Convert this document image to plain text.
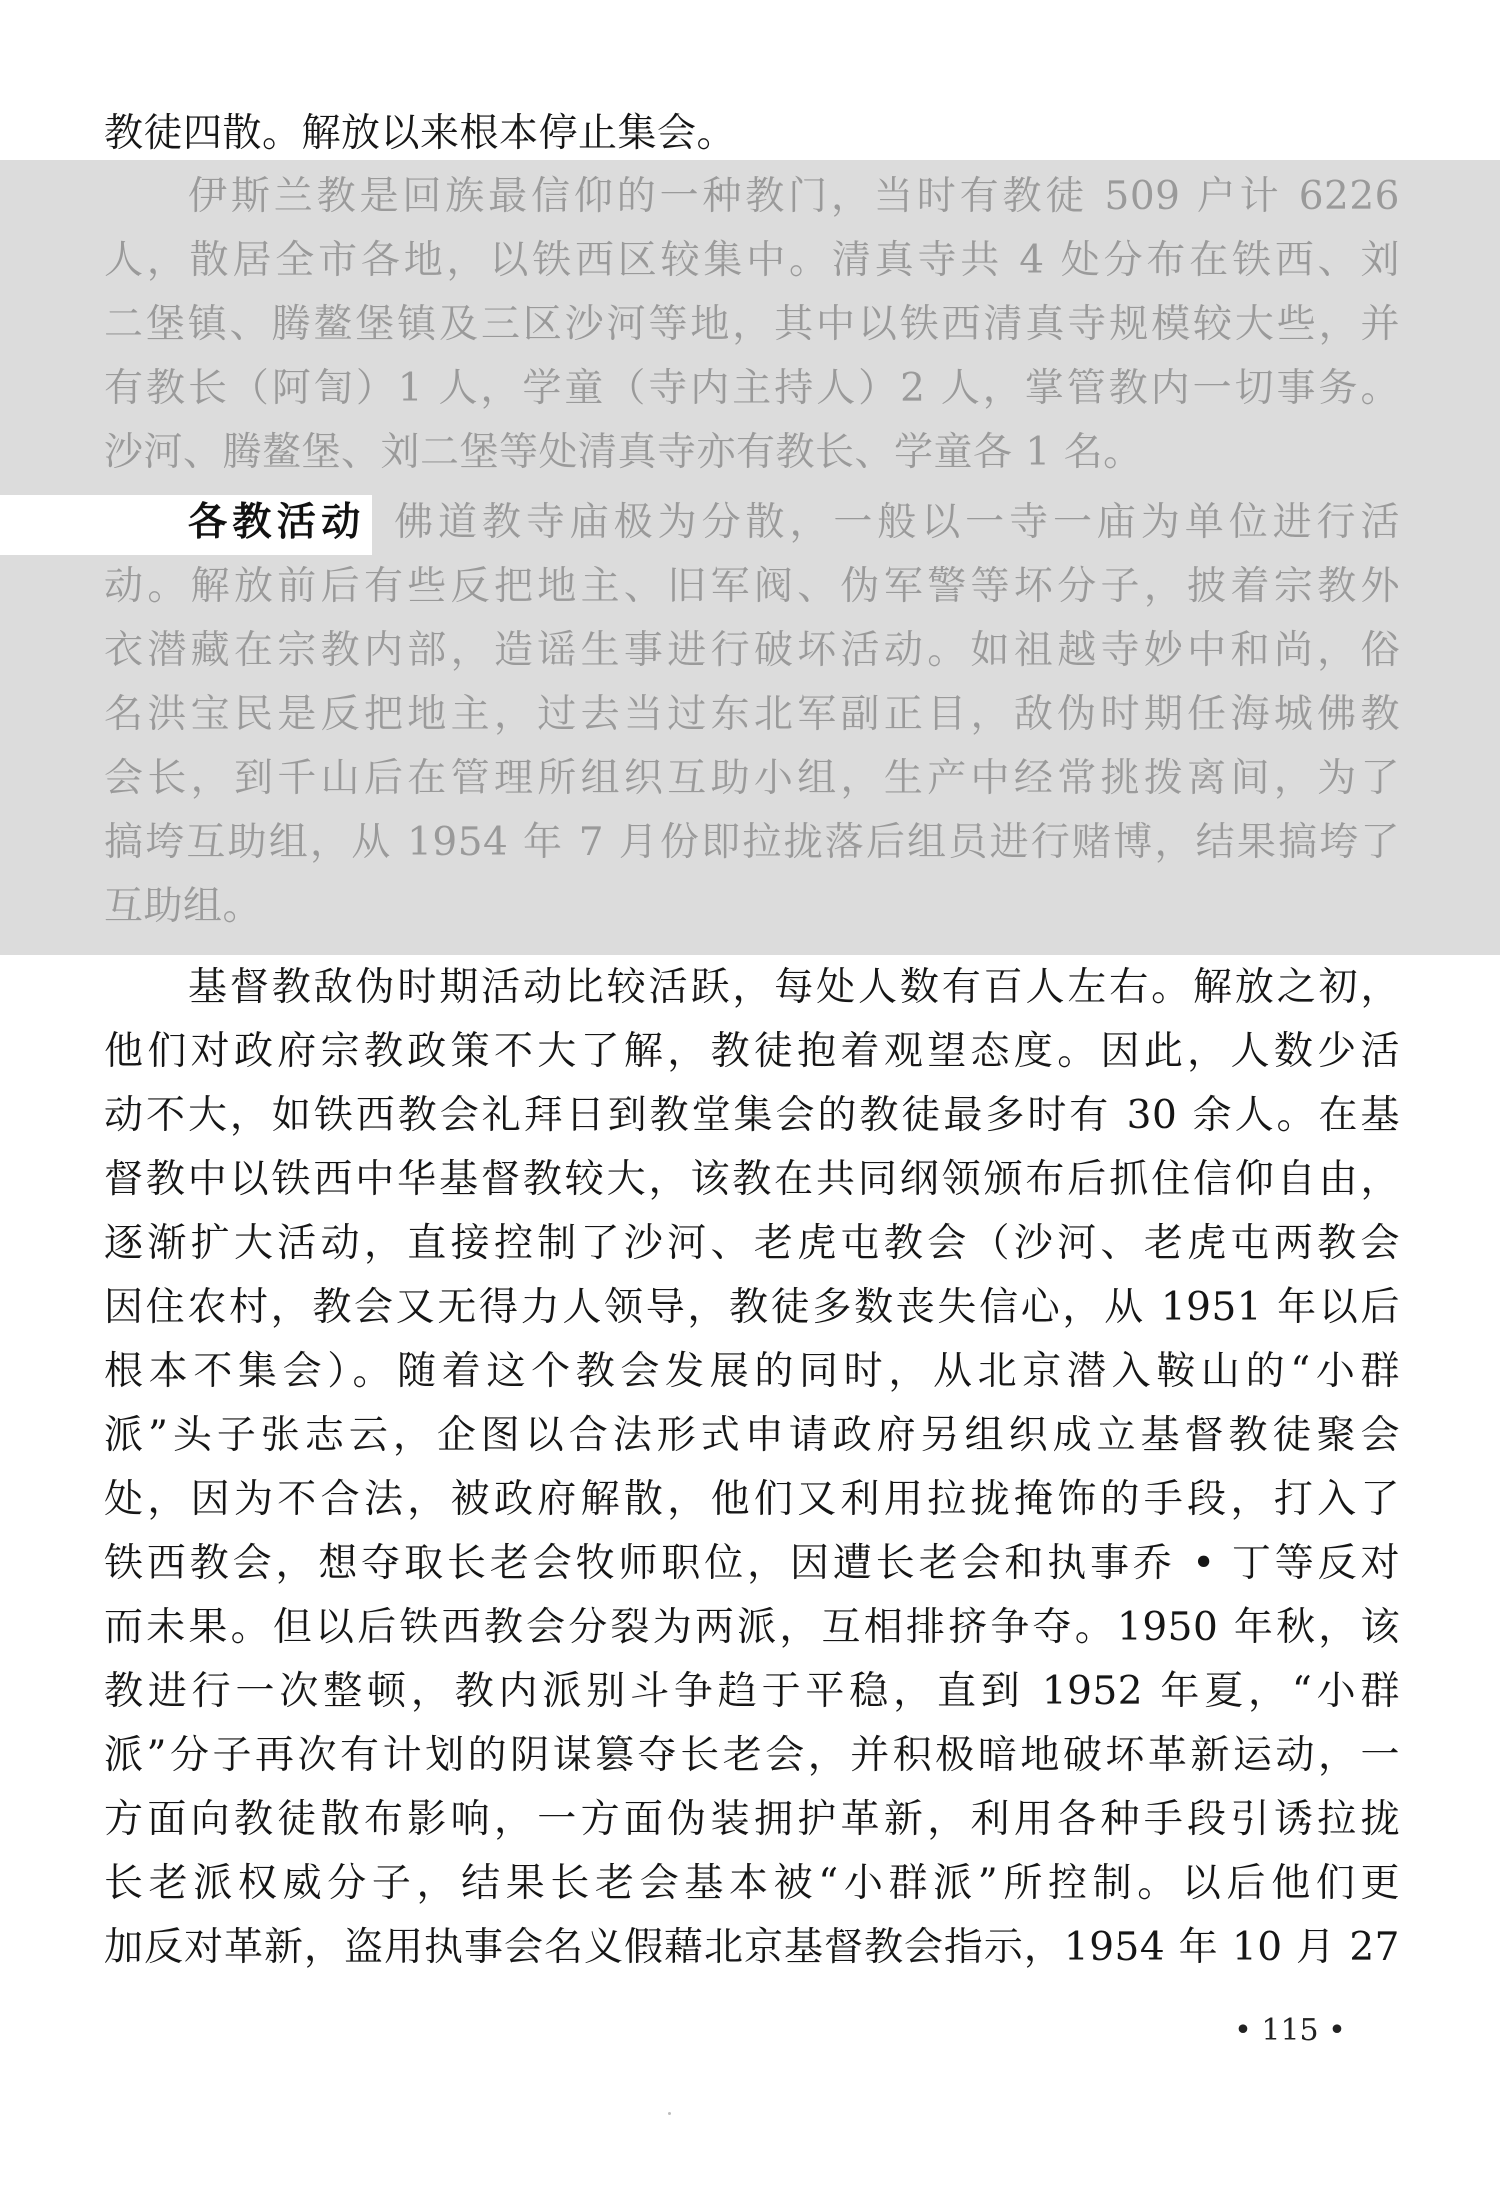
教徒四散。解放以来根本停止集会。
伊斯兰教是回族最信仰的一种教门，当时有教徒 509 户计 6226
人，散居全市各地，以铁西区较集中。清真寺共 4 处分布在铁西、刘
二堡镇、腾鳌堡镇及三区沙河等地，其中以铁西清真寺规模较大些，并
有教长（阿訇）1 人，学童（寺内主持人）2 人，掌管教内一切事务。
沙河、腾鳌堡、刘二堡等处清真寺亦有教长、学童各 1 名。
各教活动 佛道教寺庙极为分散，一般以一寺一庙为单位进行活
动。解放前后有些反把地主、旧军阀、伪军警等坏分子，披着宗教外
衣潜藏在宗教内部，造谣生事进行破坏活动。如祖越寺妙中和尚，俗
名洪宝民是反把地主，过去当过东北军副正目，敌伪时期任海城佛教
会长，到千山后在管理所组织互助小组，生产中经常挑拨离间，为了
搞垮互助组，从 1954 年 7 月份即拉拢落后组员进行赌博，结果搞垮了
互助组。
基督教敌伪时期活动比较活跃，每处人数有百人左右。解放之初，
他们对政府宗教政策不大了解，教徒抱着观望态度。因此，人数少活
动不大，如铁西教会礼拜日到教堂集会的教徒最多时有 30 余人。在基
督教中以铁西中华基督教较大，该教在共同纲领颁布后抓住信仰自由，
逐渐扩大活动，直接控制了沙河、老虎屯教会（沙河、老虎屯两教会
因住农村，教会又无得力人领导，教徒多数丧失信心，从 1951 年以后
根本不集会）。随着这个教会发展的同时，从北京潜入鞍山的“小群
派”头子张志云，企图以合法形式申请政府另组织成立基督教徒聚会
处，因为不合法，被政府解散，他们又利用拉拢掩饰的手段，打入了
铁西教会，想夺取长老会牧师职位，因遭长老会和执事乔 • 丁等反对
而未果。但以后铁西教会分裂为两派，互相排挤争夺。1950 年秋，该
教进行一次整顿，教内派别斗争趋于平稳，直到 1952 年夏，“小群
派”分子再次有计划的阴谋篡夺长老会，并积极暗地破坏革新运动，一
方面向教徒散布影响，一方面伪装拥护革新，利用各种手段引诱拉拢
长老派权威分子，结果长老会基本被“小群派”所控制。以后他们更
加反对革新，盗用执事会名义假藉北京基督教会指示，1954 年 10 月 27
• 115 •
